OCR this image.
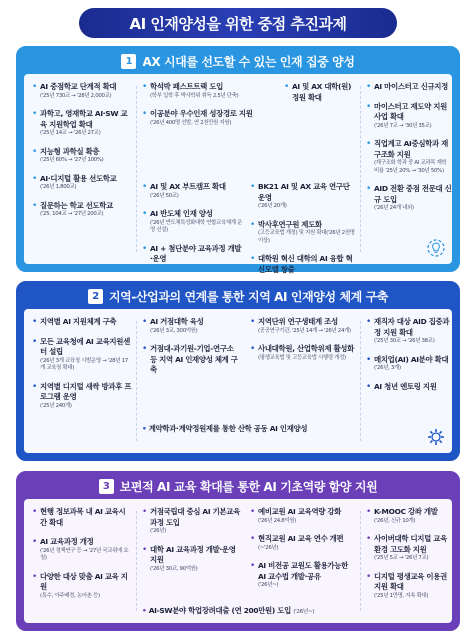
AI 인재양성을 위한 중점 추진과제
1 AX 시대를 선도할 수 있는 인재 집중 양성
• AI 중점학교 단계적 확대
('25년 730교 → '28년 2,000교)
• 과학고, 영재학교 AI·SW 교육 지원학업 확대
('25년 14교 → '26년 27교)
• 지능형 과학실 확충
('25년 60% → '27년 100%)
• AI·디지털 활용 선도학교
('26년 1,800교)
• 질문하는 학교 선도학교
('25. 104교 → '27년 200교)
• 학석박 패스트트랙 도입
(학부 입학 후 박사학위 취득 2.5년 단축)
• 이공분야 우수인재 성장경로 지원
('26년 400명 선발, 연 2천만원 지원)
• AI 및 AX 대학(원) 정원 확대
• AI 및 AX 부트캠프 확대
('26년 50교)
• AI 반도체 인재 양성
('26년 반도체특성화대학 연합교육체계 운영 신설)
• AI + 첨단분야 교육과정 개발·운영
• BK21 AI 및 AX 교육 연구단 운영
('26년 20개)
• 박사후연구원 제도화
(고등교육법 개정) 및 지원 확대('26년 2천명 이상)
• 대학원 혁신 대학의 AI 융합 혁신모델 창출
• AI 마이스터고 신규지정
• 마이스터고 재도약 지원 사업 확대
('26년 7교 → '30년 35교)
• 직업계고 AI중심학과 재구조화 지원
(재구조화 학과 중 AI 교과목 재학 비율 '25년 20% → '30년 50%)
• AID 전환 중점 전문대 신규 도입
('26년 24개 내외)
2 지역-산업과의 연계를 통한 지역 AI 인재양성 체계 구축
• 지역별 AI 지원체계 구축
• 모든 교육청에 AI 교육지원센터 설립
('26년 3개 교육청 시범운영 → '28년 17개 교육청 확대)
• 지역별 디지털 새싹 방과후 프로그램 운영
('25년 240개)
• AI 거점대학 육성
('26년 3교, 300억원)
• 거점대-과기원-기업-연구소 등 지역 AI 인재양성 체계 구축
• 지역단위 연구생태계 조성
(공공연구기관, '25년 14개 → '26년 24개)
• 사내대학원, 산업학위제 활성화
(평생교육법 및 고등교육법 시행령 개정)
• 재직자 대상 AID 집중과정 지원 확대
('25년 30교 → '26년 38교)
• 매치업(AI) AI분야 확대
('26년, 3개)
• AI 청년 엔토링 지원
• 계약학과·계약정원제를 통한 산학 공동 AI 인재양성
3 보편적 AI 교육 확대를 통한 AI 기초역량 함양 지원
• 현행 정보과목 내 AI 교육시간 확대
• AI 교육과정 개정
('26년 정책연구 등 → '27년 국교위에 요청)
• 다양한 대상 맞춤 AI 교육 지원
(특수, 아주배경, 농어촌 등)
• 거점국립대 중심 AI 기본교육과정 도입
('26년)
• 대학 AI 교육과정 개발·운영 지원
('26년 30교, 90억원)
• 예비교원 AI 교육역량 강화
('26년 24.8억원)
• 현직교원 AI 교육 연수 개편
(~'26년)
• AI 비전공 교원도 활용가능한 AI 교수법 개발·공유
('26년~)
• K-MOOC 강좌 개발
('26년, 신규 10개)
• 사이버대학 디지털 교육환경 고도화 지원
('25년 5교 → '26년 7교)
• 디지털 평생교육 이용권 지원 확대
('25년 1만명, 지속 확대)
• AI-SW분야 학업장려대출 (연 200만원) 도입 ('26년~)
